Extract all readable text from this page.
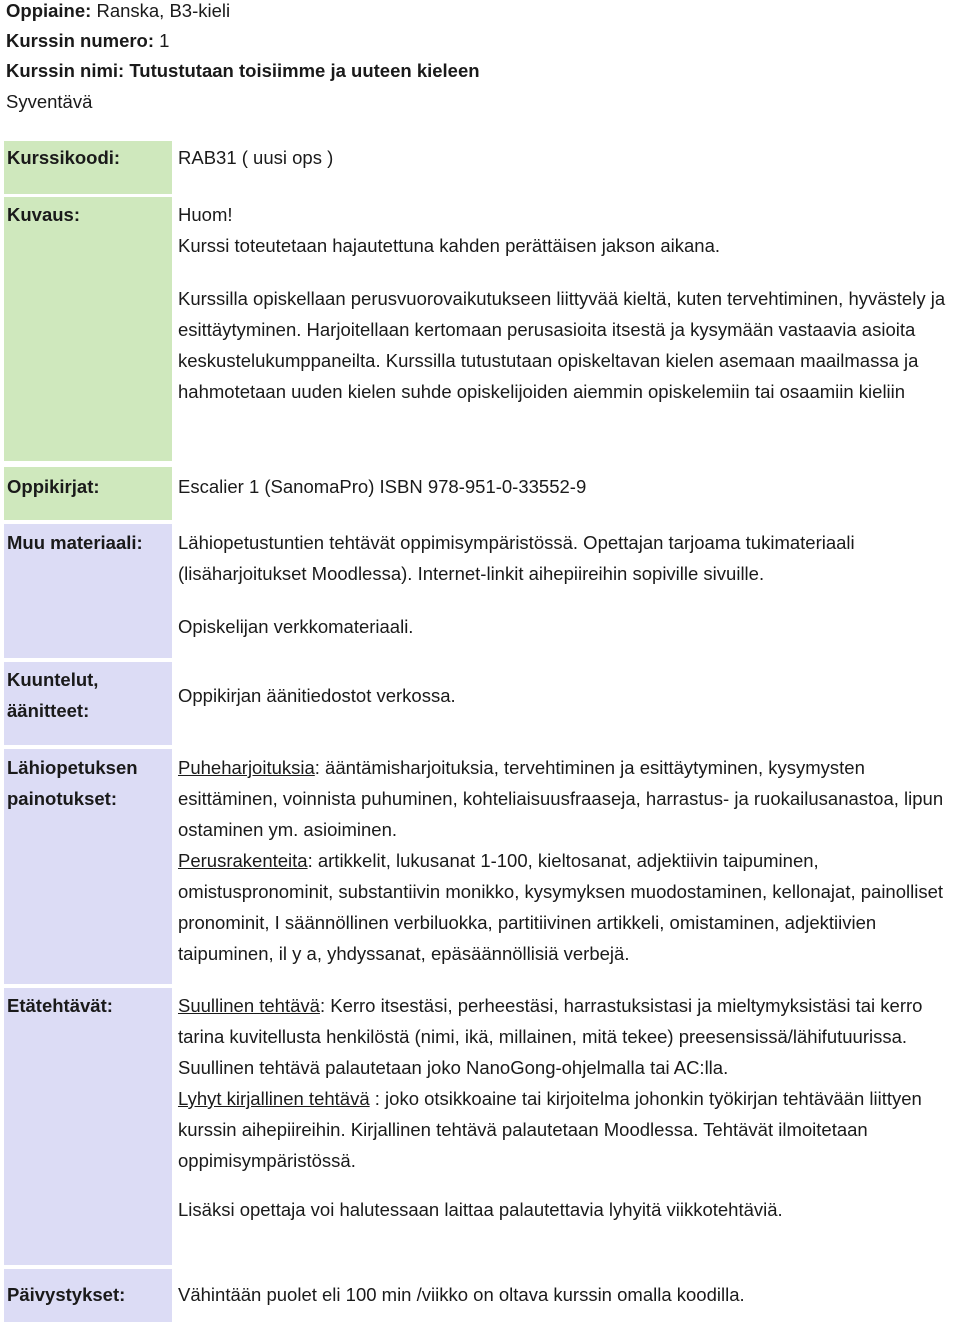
Oppiaine: Ranska, B3-kieli
Kurssin numero: 1
Kurssin nimi: Tutustutaan toisiimme ja uuteen kieleen
Syventävä
Kurssikoodi:	RAB31 ( uusi ops )
Kuvaus:	Huom!

Kurssi toteutetaan hajautettuna kahden perättäisen jakson aikana.

Kurssilla opiskellaan perusvuorovaikutukseen liittyvää kieltä, kuten tervehtiminen, hyvästely ja esittäytyminen. Harjoitellaan kertomaan perusasioita itsestä ja kysymään vastaavia asioita keskustelukumppaneilta. Kurssilla tutustutaan opiskeltavan kielen asemaan maailmassa ja hahmotetaan uuden kielen suhde opiskelijoiden aiemmin opiskelemiin tai osaamiin kieliin

Oppikirjat:	Escalier 1 (SanomaPro) ISBN 978-951-0-33552-9
Muu materiaali:	Lähiopetustuntien tehtävät oppimisympäristössä. Opettajan tarjoama tukimateriaali (lisäharjoitukset Moodlessa). Internet-linkit aihepiireihin sopiville sivuille.

Opiskelijan verkkomateriaali.

Kuuntelut, äänitteet:
Oppikirjan äänitiedostot verkossa.
Lähiopetuksen painotukset:

Puheharjoituksia: ääntämisharjoituksia, tervehtiminen ja esittäytyminen, kysymysten esittäminen, voinnista puhuminen, kohteliaisuusfraaseja, harrastus- ja ruokailusanastoa, lipun ostaminen ym. asioiminen.

Perusrakenteita: artikkelit, lukusanat 1-100, kieltosanat, adjektiivin taipuminen, omistuspronominit, substantiivin monikko, kysymyksen muodostaminen, kellonajat, painolliset pronominit, I säännöllinen verbiluokka, partitiivinen artikkeli, omistaminen, adjektiivien taipuminen, il y a, yhdyssanat, epäsäännöllisiä verbejä.

Etätehtävät:	Suullinen tehtävä: Kerro itsestäsi, perheestäsi, harrastuksistasi ja mieltymyksistäsi tai kerro tarina kuvitellusta henkilöstä (nimi, ikä, millainen, mitä tekee) preesensissä/lähifutuurissa. Suullinen tehtävä palautetaan joko NanoGong-ohjelmalla tai AC:lla.

Lyhyt kirjallinen tehtävä : joko otsikkoaine tai kirjoitelma johonkin työkirjan tehtävään liittyen kurssin aihepiireihin. Kirjallinen tehtävä palautetaan Moodlessa. Tehtävät ilmoitetaan oppimisympäristössä.

Lisäksi opettaja voi halutessaan laittaa palautettavia lyhyitä viikkotehtäviä.

Päivystykset:	Vähintään puolet eli 100 min /viikko on oltava kurssin omalla koodilla.
